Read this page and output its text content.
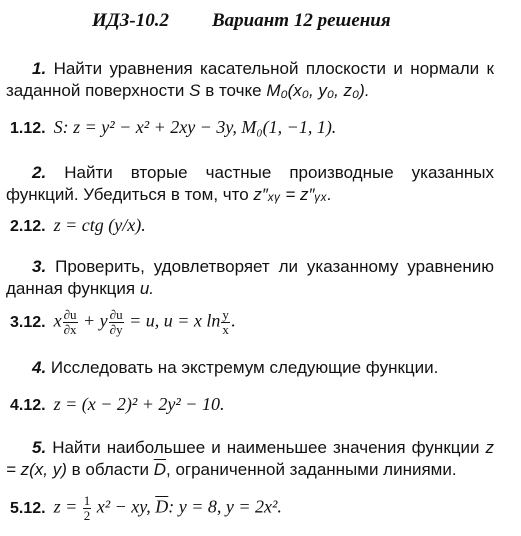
ИДЗ-10.2 Вариант 12 решения
1. Найти уравнения касательной плоскости и нормали к заданной поверхности S в точке M₀(x₀, y₀, z₀).
1.12. S: z = y² − x² + 2xy − 3y, M₀(1, −1, 1).
2. Найти вторые частные производные указанных функций. Убедиться в том, что z″ₓᵧ = z″ᵧₓ.
2.12. z = ctg (y/x).
3. Проверить, удовлетворяет ли указанному уравнению данная функция u.
3.12. x $\frac{\partial u}{\partial x} + y \frac{\partial u}{\partial y} = u$, u = x $\ln \frac{y}{x}$ .
4. Исследовать на экстремум следующие функции.
4.12. z = (x − 2)² + 2y² − 10.
5. Найти наибольшее и наименьшее значения функции z = z(x, y) в области $\overline{D}$, ограниченной заданными линиями.
5.12. $z = \frac{1}{2} x^2$ − xy, $\overline{D}$: y = 8, y = 2x².
